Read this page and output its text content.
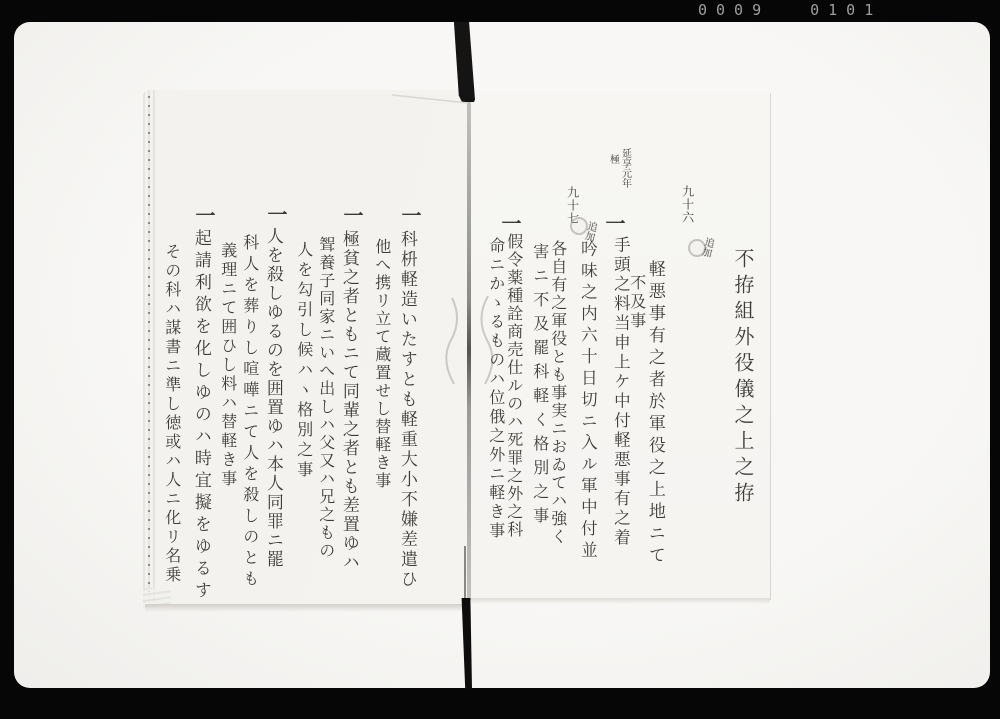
0009	0101
不拵組外役儀之上之拵
九十六
追加
軽悪事有之者於軍役之上地ニて
不及事
延享元年
極
一
手頭之料当申上ケ中付軽悪事有之着
吟味之内六十日切ニ入ル軍中付並
九十七
追加
各自有之軍役とも事実ニおゐてハ強く
害ニ不及罷科軽く格別之事
假令薬種詮商売仕ルのハ死罪之外之科
一
命ニかゝるものハ位俄之外ニ軽き事
一
科枡軽造いたすとも軽重大小不嫌差遣ひ
他へ携リ立て蔵置せし替軽き事
一
極貧之者ともニて同輩之者とも差置ゆハ
聟養子同家ニいへ出しハ父又ハ兄之もの
人を勾引し候ハヽ格別之事
一
人を殺しゆるのを囲置ゆハ本人同罪ニ罷
科人を葬りし喧嘩ニて人を殺しのとも
義理ニて囲ひし料ハ替軽き事
一
起請利欲を化しゆのハ時宜擬をゆるす
その科ハ謀書ニ準し徳或ハ人ニ化リ名乗
